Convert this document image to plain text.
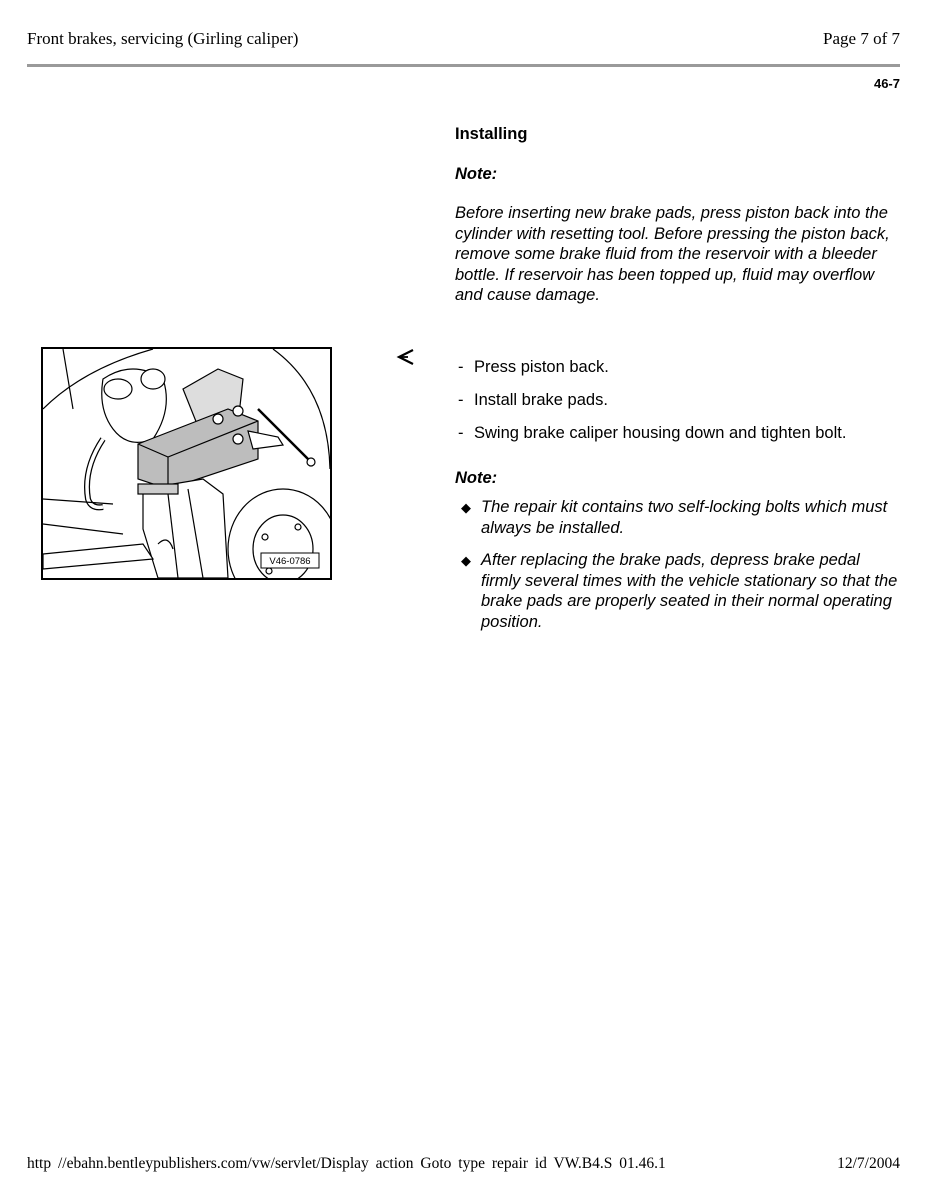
Front brakes, servicing (Girling caliper)	Page 7 of 7
46-7

Installing

Note:

Before inserting new brake pads, press piston back into the cylinder with resetting tool. Before pressing the piston back, remove some brake fluid from the reservoir with a bleeder bottle. If reservoir has been topped up, fluid may overflow and cause damage.

- Press piston back.
- Install brake pads.
- Swing brake caliper housing down and tighten bolt.
Note:
◆ The repair kit contains two self-locking bolts which must always be installed.
◆ After replacing the brake pads, depress brake pedal firmly several times with the vehicle stationary so that the brake pads are properly seated in their normal operating position.
V46-0786
http //ebahn.bentleypublishers.com/vw/servlet/Display action Goto type repair id VW.B4.S 01.46.1	12/7/2004
